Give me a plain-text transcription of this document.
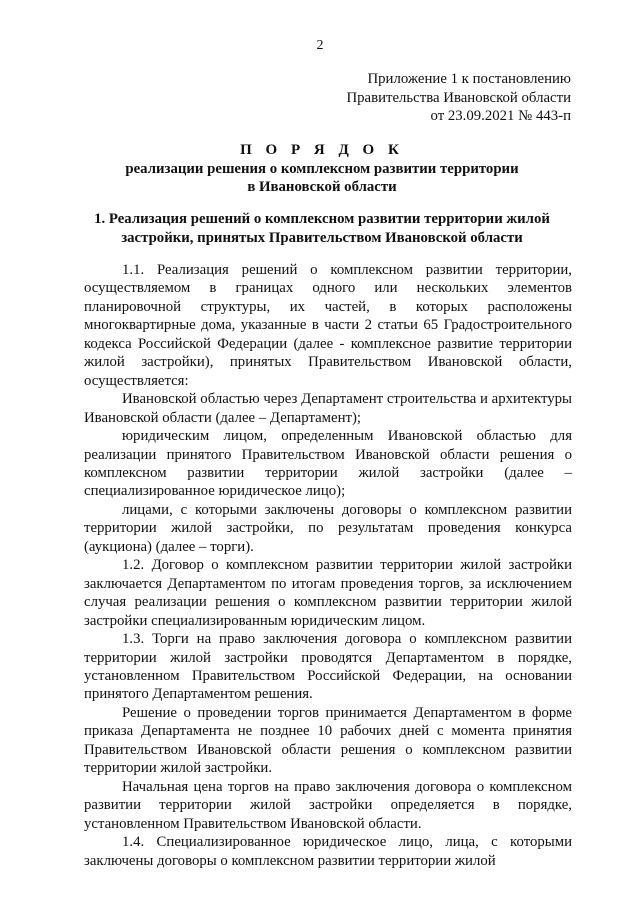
2
Приложение 1 к постановлению
Правительства Ивановской области
от 23.09.2021 № 443-п
П О Р Я Д О К
реализации решения о комплексном развитии территории
в Ивановской области
1. Реализация решений о комплексном развитии территории жилой
застройки, принятых Правительством Ивановской области

1.1. Реализация решений о комплексном развитии территории, осуществляемом в границах одного или нескольких элементов планировочной структуры, их частей, в которых расположены многоквартирные дома, указанные в части 2 статьи 65 Градостроительного кодекса Российской Федерации (далее - комплексное развитие территории жилой застройки), принятых Правительством Ивановской области, осуществляется:

Ивановской областью через Департамент строительства и архитектуры Ивановской области (далее – Департамент);

юридическим лицом, определенным Ивановской областью для реализации принятого Правительством Ивановской области решения о комплексном развитии территории жилой застройки (далее – специализированное юридическое лицо);

лицами, с которыми заключены договоры о комплексном развитии территории жилой застройки, по результатам проведения конкурса (аукциона) (далее – торги).

1.2. Договор о комплексном развитии территории жилой застройки заключается Департаментом по итогам проведения торгов, за исключением случая реализации решения о комплексном развитии территории жилой застройки специализированным юридическим лицом.

1.3. Торги на право заключения договора о комплексном развитии территории жилой застройки проводятся Департаментом в порядке, установленном Правительством Российской Федерации, на основании принятого Департаментом решения.

Решение о проведении торгов принимается Департаментом в форме приказа Департамента не позднее 10 рабочих дней с момента принятия Правительством Ивановской области решения о комплексном развитии территории жилой застройки.

Начальная цена торгов на право заключения договора о комплексном развитии территории жилой застройки определяется в порядке, установленном Правительством Ивановской области.

1.4. Специализированное юридическое лицо, лица, с которыми заключены договоры о комплексном развитии территории жилой
